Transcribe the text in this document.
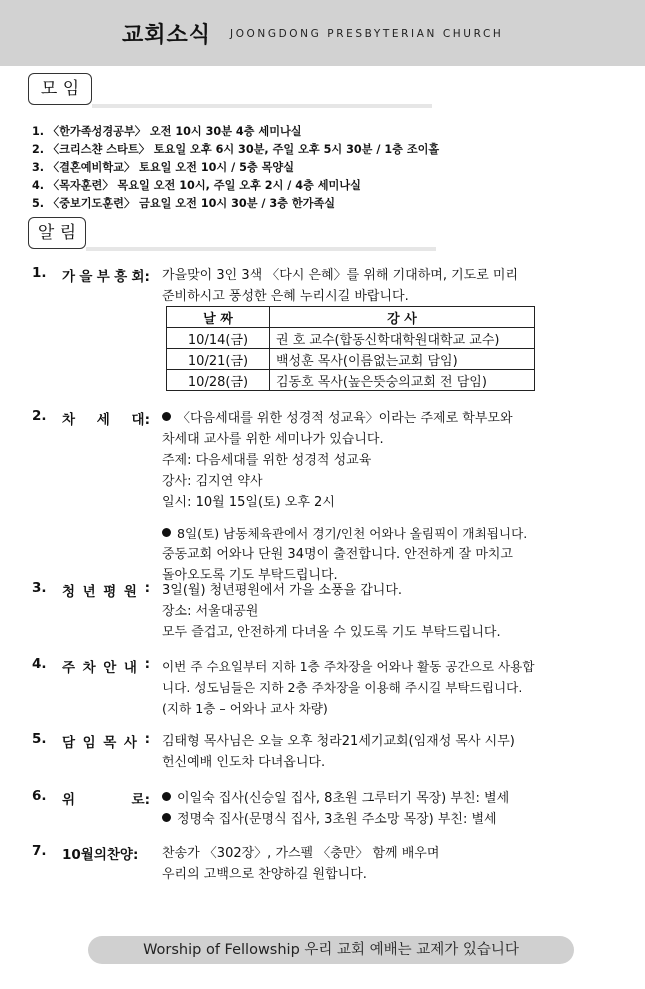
교회소식 JOONGDONG PRESBYTERIAN CHURCH
모 임
1. 〈한가족성경공부〉 오전 10시 30분 4층 세미나실
2. 〈크리스챤 스타트〉 토요일 오후 6시 30분, 주일 오후 5시 30분 / 1층 조이홀
3. 〈결혼예비학교〉 토요일 오전 10시 / 5층 목양실
4. 〈목자훈련〉 목요일 오전 10시, 주일 오후 2시 / 4층 세미나실
5. 〈중보기도훈련〉 금요일 오전 10시 30분 / 3층 한가족실
알 림
1. 가 을 부 흥 회: 가을맞이 3인 3색 〈다시 은혜〉를 위해 기대하며, 기도로 미리
준비하시고 풍성한 은혜 누리시길 바랍니다.
날 짜	강 사
10/14(금)	권 호 교수(합동신학대학원대학교 교수)
10/21(금)	백성훈 목사(이름없는교회 담임)
10/28(금)	김동호 목사(높은뜻숭의교회 전 담임)
2. 차 세 대:	〈다음세대를 위한 성경적 성교육〉이라는 주제로 학부모와
차세대 교사를 위한 세미나가 있습니다.
주제: 다음세대를 위한 성경적 성교육
강사: 김지연 약사
일시: 10월 15일(토) 오후 2시
8일(토) 남동체육관에서 경기/인천 어와나 올림픽이 개최됩니다.
중동교회 어와나 단원 34명이 출전합니다. 안전하게 잘 마치고
돌아오도록 기도 부탁드립니다.
3. 청 년 평 원 : 3일(월) 청년평원에서 가을 소풍을 갑니다.
장소: 서울대공원
모두 즐겁고, 안전하게 다녀올 수 있도록 기도 부탁드립니다.
4. 주 차 안 내 : 이번 주 수요일부터 지하 1층 주차장을 어와나 활동 공간으로 사용합
니다. 성도님들은 지하 2층 주차장을 이용해 주시길 부탁드립니다.
(지하 1층 – 어와나 교사 차량)
5. 담 임 목 사 : 김태형 목사님은 오늘 오후 청라21세기교회(임재성 목사 시무)
헌신예배 인도차 다녀옵니다.
6. 위	로:	이일숙 집사(신승일 집사, 8초원 그루터기 목장) 부친: 별세
정명숙 집사(문명식 집사, 3초원 주소망 목장) 부친: 별세
7. 10월의찬양: 찬송가 〈302장〉, 가스펠 〈충만〉 함께 배우며
우리의 고백으로 찬양하길 원합니다.
Worship of Fellowship 우리 교회 예배는 교제가 있습니다
